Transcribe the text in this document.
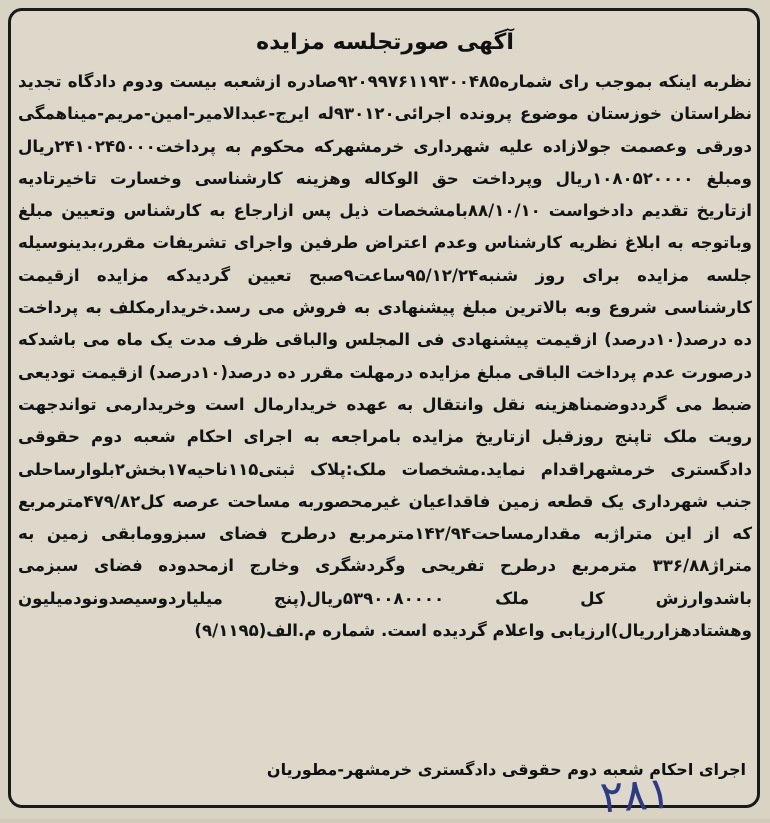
آگهی صورتجلسه مزایده
نظربه اینکه بموجب رای شماره۹۲۰۹۹۷۶۱۱۹۳۰۰۴۸۵صادره ازشعبه بیست ودوم دادگاه تجدید نظراستان خوزستان موضوع پرونده اجرائی۹۳۰۱۲۰له ایرج-عبدالامیر-امین-مریم-میناهمگی دورقی وعصمت جولازاده علیه شهرداری خرمشهرکه محکوم به پرداخت۲۴۱۰۲۴۵۰۰۰ریال ومبلغ ۱۰۸۰۵۲۰۰۰۰ریال وپرداخت حق الوکاله وهزینه کارشناسی وخسارت تاخیرتادیه ازتاریخ تقدیم دادخواست ۸۸/۱۰/۱۰بامشخصات ذیل پس ازارجاع به کارشناس وتعیین مبلغ وباتوجه به ابلاغ نظریه کارشناس وعدم اعتراض طرفین واجرای تشریفات مقرر،بدینوسیله جلسه مزایده برای روز شنبه۹۵/۱۲/۲۴ساعت۹صبح تعیین گردیدکه مزایده ازقیمت کارشناسی شروع وبه بالاترین مبلغ پیشنهادی به فروش می رسد.خریدارمکلف به پرداخت ده درصد(۱۰درصد) ازقیمت پیشنهادی فی المجلس والباقی ظرف مدت یک ماه می باشدکه درصورت عدم پرداخت الباقی مبلغ مزایده درمهلت مقرر ده درصد(۱۰درصد) ازقیمت تودیعی ضبط می گرددوضمناهزینه نقل وانتقال به عهده خریدارمال است وخریدارمی تواندجهت رویت ملک تاپنج روزقبل ازتاریخ مزایده بامراجعه به اجرای احکام شعبه دوم حقوقی دادگستری خرمشهراقدام نماید.مشخصات ملک:پلاک ثبتی۱۱۵ناحیه۱۷بخش۲بلوارساحلی جنب شهرداری یک قطعه زمین فاقداعیان غیرمحصوربه مساحت عرصه کل۴۷۹/۸۲مترمربع که از این متراژبه مقدارمساحت۱۴۲/۹۴مترمربع درطرح فضای سبزوومابقی زمین به متراژ۳۳۶/۸۸ مترمربع درطرح تفریحی وگردشگری وخارج ازمحدوده فضای سبزمی باشدوارزش کل ملک ۵۳۹۰۰۸۰۰۰۰ریال(پنج میلیاردوسیصدونودمیلیون وهشتادهزارریال)ارزیابی واعلام گردیده است. شماره م.الف(۹/۱۱۹۵)
اجرای احکام شعبه دوم حقوقی دادگستری خرمشهر-مطوریان
۲۸۱
